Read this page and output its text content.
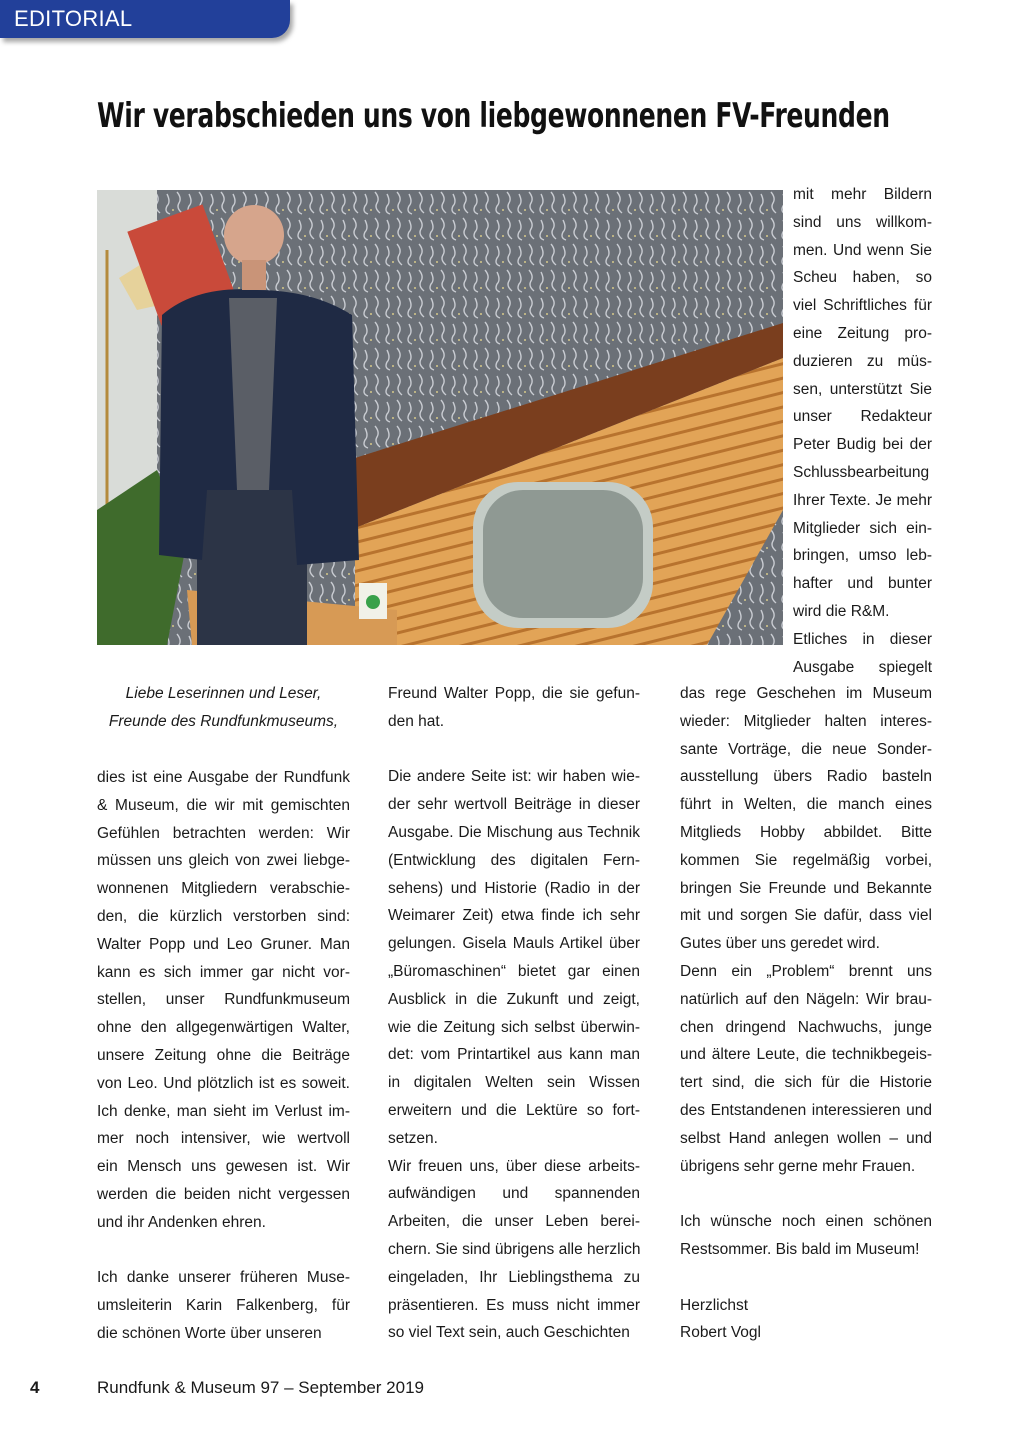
EDITORIAL
Wir verabschieden uns von liebgewonnenen FV-Freunden
Liebe Leserinnen und Leser,
Freunde des Rundfunkmuseums,
dies ist eine Ausgabe der Rundfunk
& Museum, die wir mit gemischten
Gefühlen betrachten werden: Wir
müssen uns gleich von zwei liebge-
wonnenen Mitgliedern verabschie-
den, die kürzlich verstorben sind:
Walter Popp und Leo Gruner. Man
kann es sich immer gar nicht vor-
stellen, unser Rundfunkmuseum
ohne den allgegenwärtigen Walter,
unsere Zeitung ohne die Beiträge
von Leo. Und plötzlich ist es soweit.
Ich denke, man sieht im Verlust im-
mer noch intensiver, wie wertvoll
ein Mensch uns gewesen ist. Wir
werden die beiden nicht vergessen
und ihr Andenken ehren.
Ich danke unserer früheren Muse-
umsleiterin Karin Falkenberg, für
die schönen Worte über unseren
Freund Walter Popp, die sie gefun-
den hat.
Die andere Seite ist: wir haben wie-
der sehr wertvoll Beiträge in dieser
Ausgabe. Die Mischung aus Technik
(Entwicklung des digitalen Fern-
sehens) und Historie (Radio in der
Weimarer Zeit) etwa finde ich sehr
gelungen. Gisela Mauls Artikel über
„Büromaschinen“ bietet gar einen
Ausblick in die Zukunft und zeigt,
wie die Zeitung sich selbst überwin-
det: vom Printartikel aus kann man
in digitalen Welten sein Wissen
erweitern und die Lektüre so fort-
setzen.
Wir freuen uns, über diese arbeits-
aufwändigen und spannenden
Arbeiten, die unser Leben berei-
chern. Sie sind übrigens alle herzlich
eingeladen, Ihr Lieblingsthema zu
präsentieren. Es muss nicht immer
so viel Text sein, auch Geschichten
mit mehr Bildern
sind uns willkom-
men. Und wenn Sie
Scheu haben, so
viel Schriftliches für
eine Zeitung pro-
duzieren zu müs-
sen, unterstützt Sie
unser Redakteur
Peter Budig bei der
Schlussbearbeitung
Ihrer Texte. Je mehr
Mitglieder sich ein-
bringen, umso leb-
hafter und bunter
wird die R&M.
Etliches in dieser
Ausgabe spiegelt
das rege Geschehen im Museum
wieder: Mitglieder halten interes-
sante Vorträge, die neue Sonder-
ausstellung übers Radio basteln
führt in Welten, die manch eines
Mitglieds Hobby abbildet. Bitte
kommen Sie regelmäßig vorbei,
bringen Sie Freunde und Bekannte
mit und sorgen Sie dafür, dass viel
Gutes über uns geredet wird.
Denn ein „Problem“ brennt uns
natürlich auf den Nägeln: Wir brau-
chen dringend Nachwuchs, junge
und ältere Leute, die technikbegeis-
tert sind, die sich für die Historie
des Entstandenen interessieren und
selbst Hand anlegen wollen – und
übrigens sehr gerne mehr Frauen.
Ich wünsche noch einen schönen
Restsommer. Bis bald im Museum!
Herzlichst
Robert Vogl
4	Rundfunk & Museum 97 – September 2019
